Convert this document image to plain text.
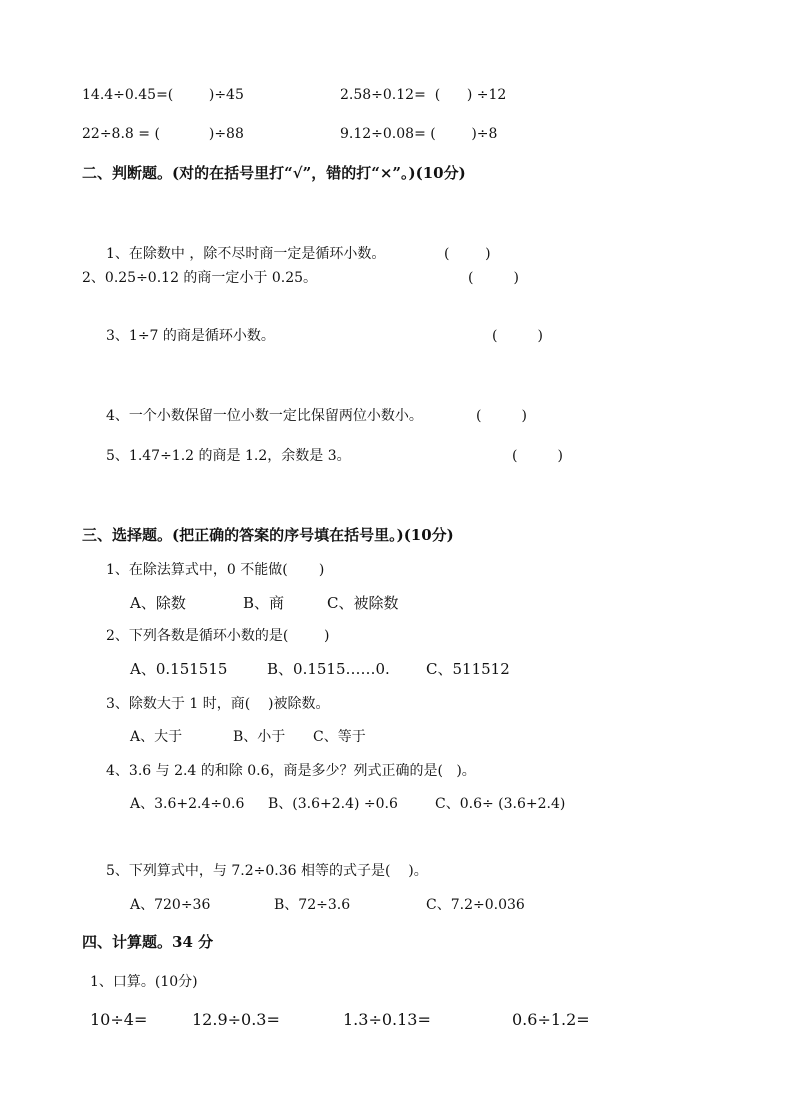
14.4÷0.45=(        )÷45	2.58÷0.12=  (      ) ÷12
22÷8.8 = (           )÷88	9.12÷0.08= (        )÷8
二、判断题。(对的在括号里打“√”，错的打“×”。)(10分)
1、在除数中 ，除不尽时商一定是循环小数。	(        )
2、0.25÷0.12 的商一定小于 0.25。	(         )
3、1÷7 的商是循环小数。	(         )
4、一个小数保留一位小数一定比保留两位小数小。	(         )
5、1.47÷1.2 的商是 1.2，余数是 3。	(         )
三、选择题。(把正确的答案的序号填在括号里。)(10分)
1、在除法算式中，0 不能做(       )
A、除数	B、商	C、被除数
2、下列各数是循环小数的是(        )
A、0.151515	B、0.1515……0. C、511512
3、除数大于 1 时，商(    )被除数。
A、大于	B、小于 C、等于
4、3.6 与 2.4 的和除 0.6，商是多少？列式正确的是(   )。
A、3.6+2.4÷0.6 B、(3.6+2.4) ÷0.6	C、0.6÷ (3.6+2.4)
5、下列算式中，与 7.2÷0.36 相等的式子是(    )。
A、720÷36	B、72÷3.6	C、7.2÷0.036
四、计算题。34 分
1、口算。(10分)
10÷4=	12.9÷0.3=	1.3÷0.13=	0.6÷1.2=
